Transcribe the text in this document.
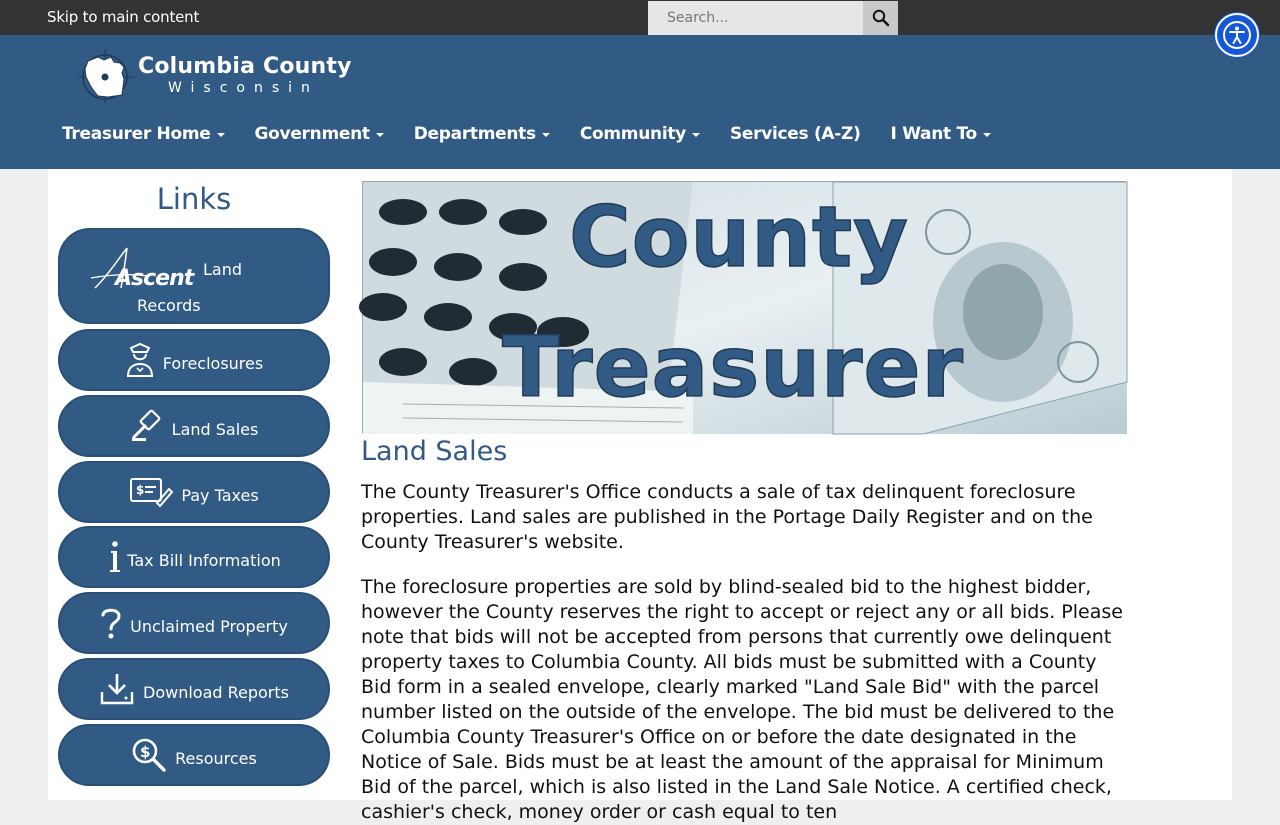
Skip to main content
Search...
Columbia County
Wisconsin
Treasurer Home	Government	Departments	Community	Services (A-Z) I Want To
Links
Ascent Land
Records
Foreclosures
Land Sales
$ Pay Taxes
Tax Bill Information
Unclaimed Property
Download Reports
$ Resources
County
Treasurer
Land Sales

The County Treasurer's Office conducts a sale of tax delinquent foreclosure properties. Land sales are published in the Portage Daily Register and on the County Treasurer's website.

The foreclosure properties are sold by blind-sealed bid to the highest bidder, however the County reserves the right to accept or reject any or all bids. Please note that bids will not be accepted from persons that currently owe delinquent property taxes to Columbia County. All bids must be submitted with a County Bid form in a sealed envelope, clearly marked "Land Sale Bid" with the parcel number listed on the outside of the envelope. The bid must be delivered to the Columbia County Treasurer's Office on or before the date designated in the Notice of Sale. Bids must be at least the amount of the appraisal for Minimum Bid of the parcel, which is also listed in the Land Sale Notice. A certified check, cashier's check, money order or cash equal to ten
